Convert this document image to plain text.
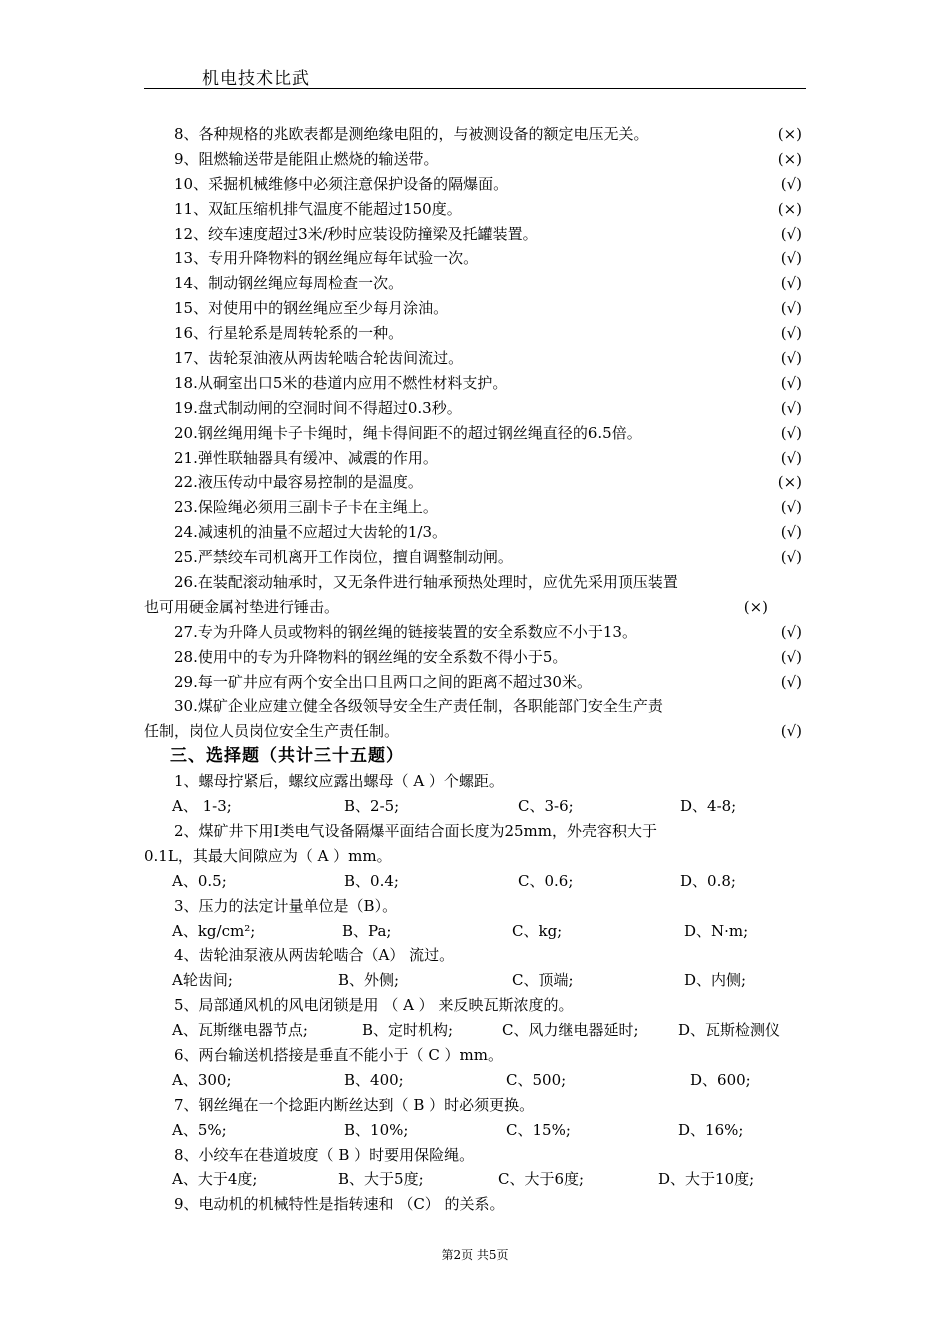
机电技术比武
8、各种规格的兆欧表都是测绝缘电阻的，与被测设备的额定电压无关。	(×)
9、阻燃输送带是能阻止燃烧的输送带。	(×)
10、采掘机械维修中必须注意保护设备的隔爆面。	(√)
11、双缸压缩机排气温度不能超过150度。	(×)
12、绞车速度超过3米/秒时应装设防撞梁及托罐装置。	(√)
13、专用升降物料的钢丝绳应每年试验一次。	(√)
14、制动钢丝绳应每周检查一次。	(√)
15、对使用中的钢丝绳应至少每月涂油。	(√)
16、行星轮系是周转轮系的一种。	(√)
17、齿轮泵油液从两齿轮啮合轮齿间流过。	(√)
18.从硐室出口5米的巷道内应用不燃性材料支护。	(√)
19.盘式制动闸的空洞时间不得超过0.3秒。	(√)
20.钢丝绳用绳卡子卡绳时，绳卡得间距不的超过钢丝绳直径的6.5倍。	(√)
21.弹性联轴器具有缓冲、减震的作用。	(√)
22.液压传动中最容易控制的是温度。	(×)
23.保险绳必须用三副卡子卡在主绳上。	(√)
24.减速机的油量不应超过大齿轮的1/3。	(√)
25.严禁绞车司机离开工作岗位，擅自调整制动闸。	(√)
26.在装配滚动轴承时，又无条件进行轴承预热处理时，应优先采用顶压装置
也可用硬金属衬垫进行锤击。	(×)
27.专为升降人员或物料的钢丝绳的链接装置的安全系数应不小于13。	(√)
28.使用中的专为升降物料的钢丝绳的安全系数不得小于5。	(√)
29.每一矿井应有两个安全出口且两口之间的距离不超过30米。	(√)
30.煤矿企业应建立健全各级领导安全生产责任制，各职能部门安全生产责
任制，岗位人员岗位安全生产责任制。	(√)
三、选择题（共计三十五题）
1、螺母拧紧后，螺纹应露出螺母（ A ）个螺距。
A、 1-3;	B、2-5;	C、3-6;	D、4-8;
2、煤矿井下用Ⅰ类电气设备隔爆平面结合面长度为25mm，外壳容积大于
0.1L，其最大间隙应为（ A ）mm。
A、0.5;	B、0.4;	C、0.6;	D、0.8;
3、压力的法定计量单位是（B）。
A、kg/cm²;	B、Pa;	C、kg;	D、N·m;
4、齿轮油泵液从两齿轮啮合（A） 流过。
A轮齿间;	B、外侧;	C、顶端;	D、内侧;
5、局部通风机的风电闭锁是用 （ A ） 来反映瓦斯浓度的。
A、瓦斯继电器节点;	B、定时机构;	C、风力继电器延时;	D、瓦斯检测仪
6、两台输送机搭接是垂直不能小于（ C ）mm。
A、300;	B、400;	C、500;	D、600;
7、钢丝绳在一个捻距内断丝达到（ B ）时必须更换。
A、5%;	B、10%;	C、15%;	D、16%;
8、小绞车在巷道坡度（ B ）时要用保险绳。
A、大于4度;	B、大于5度;	C、大于6度;	D、大于10度;
9、电动机的机械特性是指转速和 （C） 的关系。
第2页 共5页
